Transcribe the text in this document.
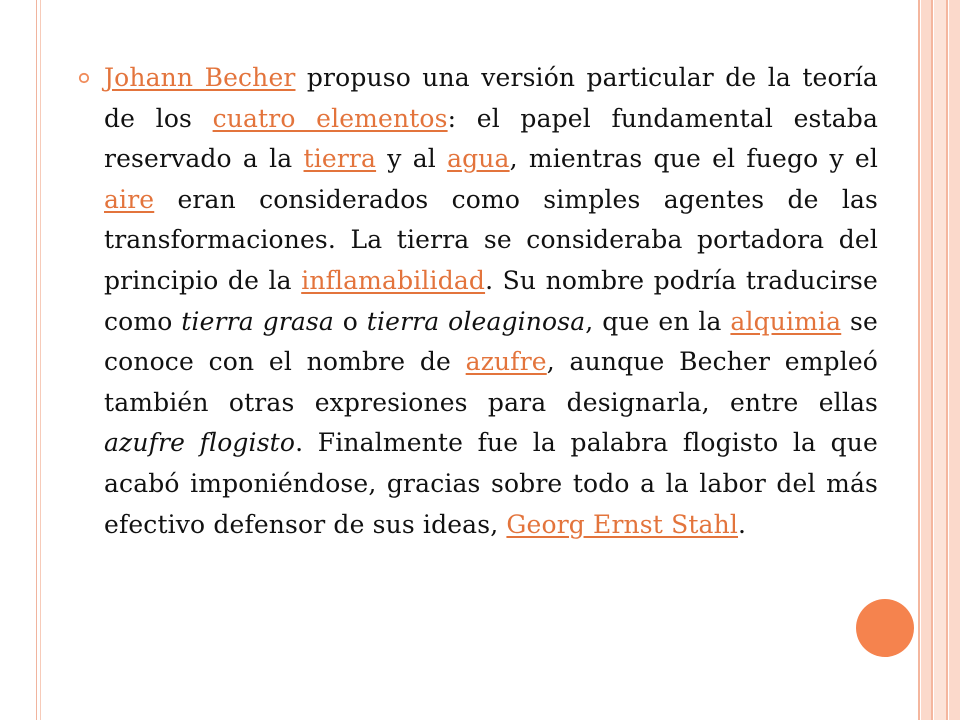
Johann Becher propuso una versión particular de la teoría de los cuatro elementos: el papel fundamental estaba reservado a la tierra y al agua, mientras que el fuego y el aire eran considerados como simples agentes de las transformaciones. La tierra se consideraba portadora del principio de la inflamabilidad. Su nombre podría traducirse como tierra grasa o tierra oleaginosa, que en la alquimia se conoce con el nombre de azufre, aunque Becher empleó también otras expresiones para designarla, entre ellas azufre flogisto. Finalmente fue la palabra flogisto la que acabó imponiéndose, gracias sobre todo a la labor del más efectivo defensor de sus ideas, Georg Ernst Stahl.
